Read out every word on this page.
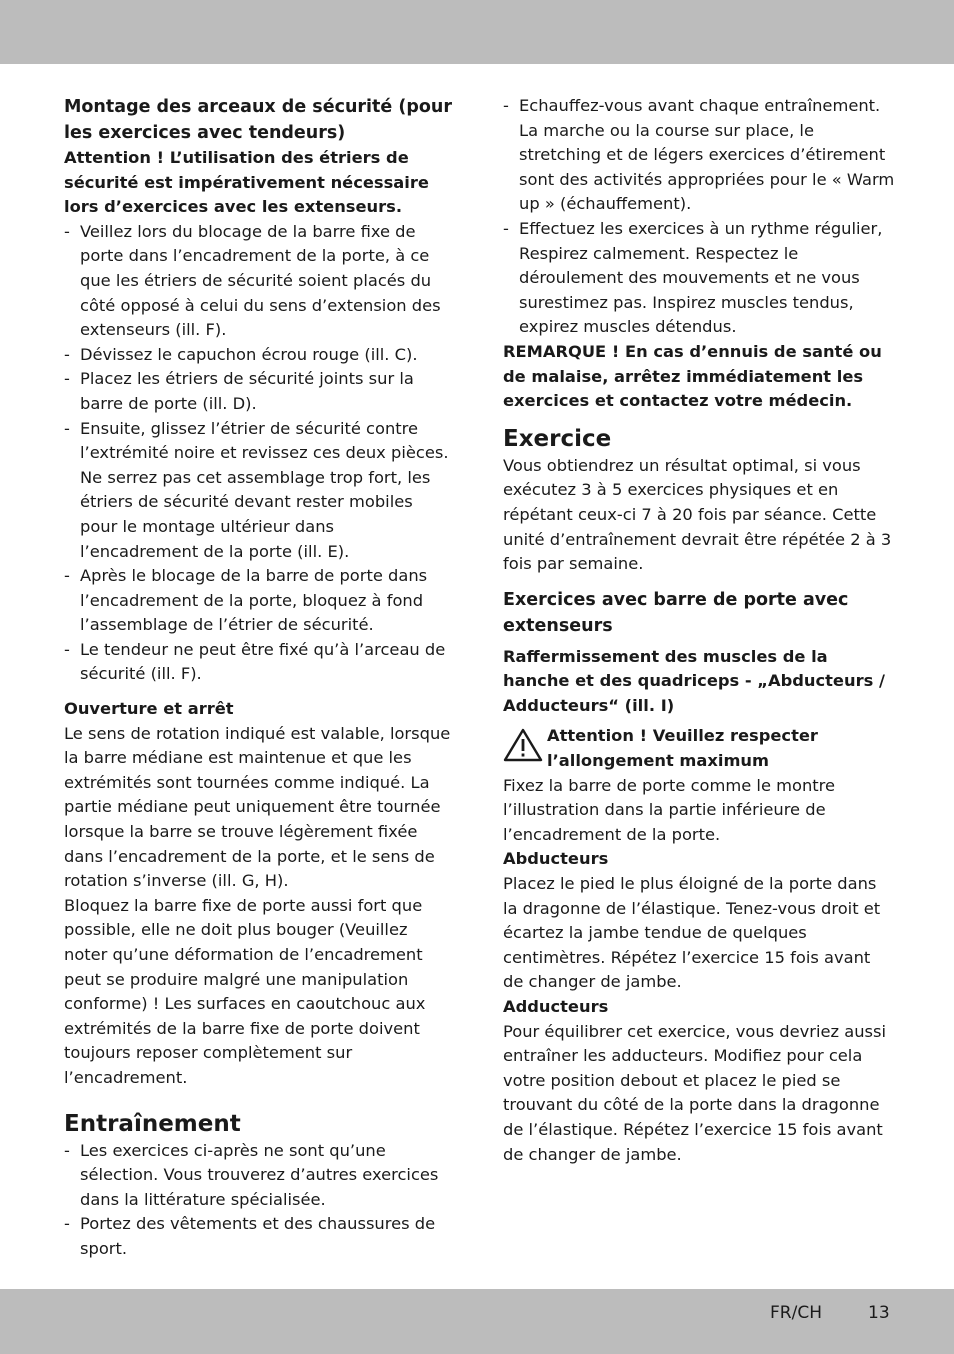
Montage des arceaux de sécurité (pour les exercices avec tendeurs)

Attention ! L’utilisation des étriers de sécurité est impérativement nécessaire lors d’exercices avec les extenseurs.

- Veillez lors du blocage de la barre fixe de porte dans l’encadrement de la porte, à ce que les étriers de sécurité soient placés du côté opposé à celui du sens d’extension des extenseurs (ill. F).
- Dévissez le capuchon écrou rouge (ill. C).
- Placez les étriers de sécurité joints sur la barre de porte (ill. D).
- Ensuite, glissez l’étrier de sécurité contre l’extrémité noire et revissez ces deux pièces. Ne serrez pas cet assemblage trop fort, les étriers de sécurité devant rester mobiles pour le montage ultérieur dans l’encadrement de la porte (ill. E).
- Après le blocage de la barre de porte dans l’encadrement de la porte, bloquez à fond l’assemblage de l’étrier de sécurité.
- Le tendeur ne peut être fixé qu’à l’arceau de sécurité (ill. F).

Ouverture et arrêt

Le sens de rotation indiqué est valable, lorsque la barre médiane est maintenue et que les extrémités sont tournées comme indiqué. La partie médiane peut uniquement être tournée lorsque la barre se trouve légèrement fixée dans l’encadrement de la porte, et le sens de rotation s’inverse (ill. G, H).

Bloquez la barre fixe de porte aussi fort que possible, elle ne doit plus bouger (Veuillez noter qu’une déformation de l’encadrement peut se produire malgré une manipulation conforme) ! Les surfaces en caoutchouc aux extrémités de la barre fixe de porte doivent toujours reposer complètement sur l’encadrement.

Entraînement

- Les exercices ci-après ne sont qu’une sélection. Vous trouverez d’autres exercices dans la littérature spécialisée.
- Portez des vêtements et des chaussures de sport.
- Echauffez-vous avant chaque entraînement. La marche ou la course sur place, le stretching et de légers exercices d’étirement sont des activités appropriées pour le « Warm up » (échauffement).
- Effectuez les exercices à un rythme régulier, Respirez calmement. Respectez le déroulement des mouvements et ne vous surestimez pas. Inspirez muscles tendus, expirez muscles détendus.

REMARQUE ! En cas d’ennuis de santé ou de malaise, arrêtez immédiatement les exercices et contactez votre médecin.

Exercice

Vous obtiendrez un résultat optimal, si vous exécutez 3 à 5 exercices physiques et en répétant ceux-ci 7 à 20 fois par séance. Cette unité d’entraînement devrait être répétée 2 à 3 fois par semaine.

Exercices avec barre de porte avec extenseurs

Raffermissement des muscles de la hanche et des quadriceps - „Abducteurs / Adducteurs“ (ill. I)

Attention ! Veuillez respecter l’allongement maximum

Fixez la barre de porte comme le montre l’illustration dans la partie inférieure de l’encadrement de la porte.

Abducteurs

Placez le pied le plus éloigné de la porte dans la dragonne de l’élastique. Tenez-vous droit et écartez la jambe tendue de quelques centimètres. Répétez l’exercice 15 fois avant de changer de jambe.

Adducteurs

Pour équilibrer cet exercice, vous devriez aussi entraîner les adducteurs. Modifiez pour cela votre position debout et placez le pied se trouvant du côté de la porte dans la dragonne de l’élastique. Répétez l’exercice 15 fois avant de changer de jambe.

FR/CH	13
